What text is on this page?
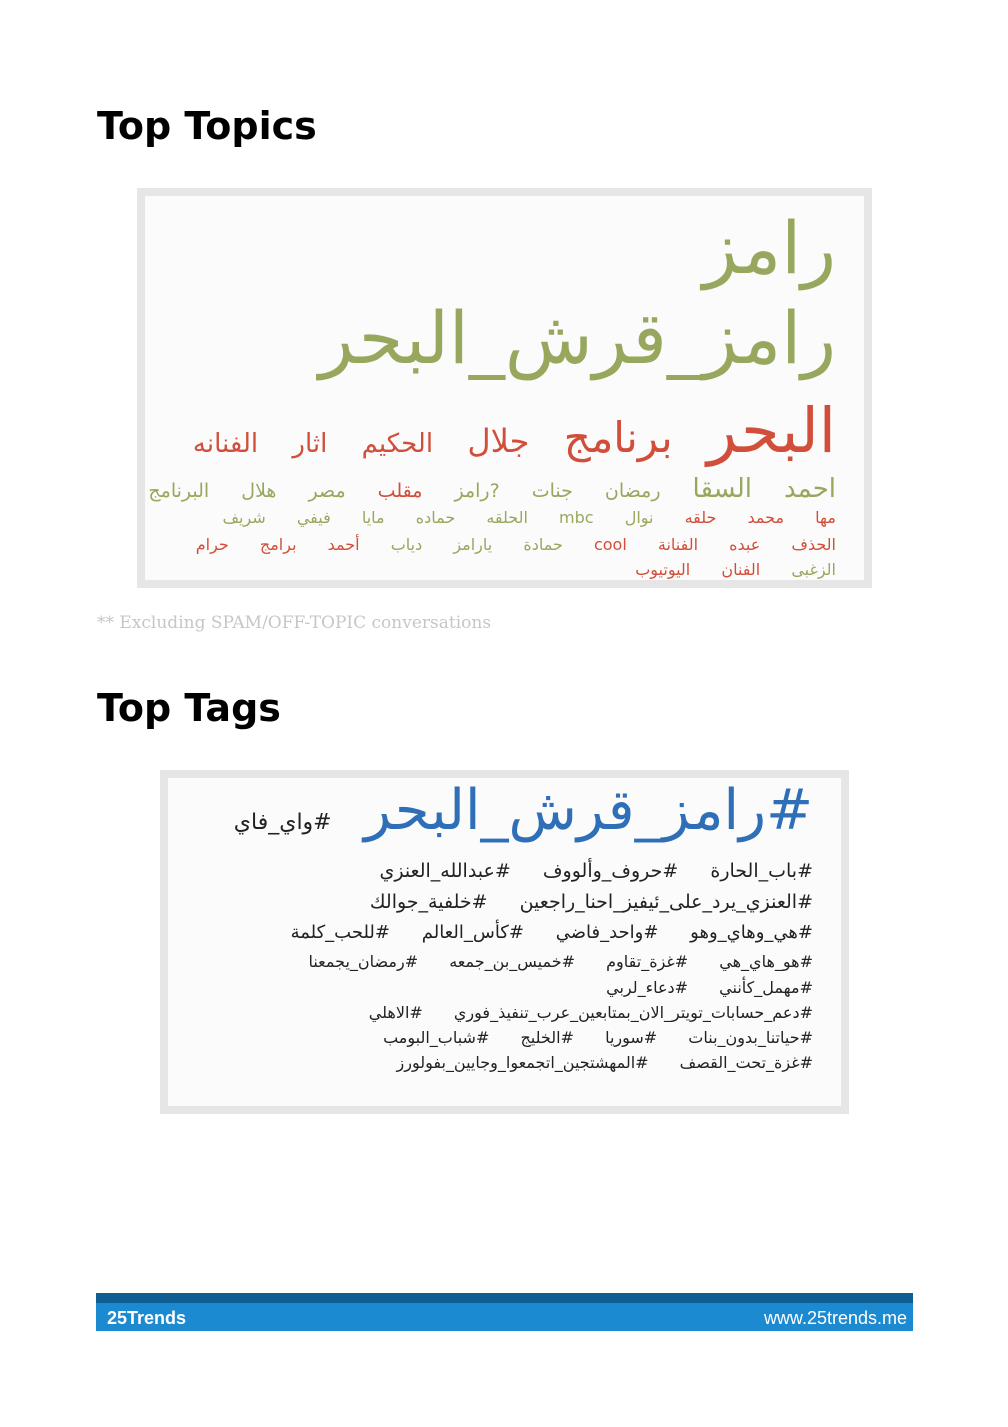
Top Topics
رامز
رامز_قرش_البحر
البحر برنامج جلال الحكيم اثار الفنانه
احمد السقا رمضان جنات ?رامز مقلب مصر هلال البرنامج
مها محمد حلقه نوال mbc الحلقه حماده مايا فيفي شريف
الحذف عبده الفنانة cool حمادة يارامز دياب أحمد برامج حرام
الزغبى الفنان اليوتيوب

** Excluding SPAM/OFF-TOPIC conversations

Top Tags
#رامز_قرش_البحر #واي_فاي
#باب_الحارة #حروف_وألووف #عبدالله_العنزي
#العنزي_يرد_على_ئيفيز_احنا_راجعين #خلفية_جوالك
#هي_وهاي_وهو #واحد_فاضي #كأس_العالم #للحب_كلمة
#هو_هاي_هي #غزة_تقاوم #خميس_بن_جمعه #رمضان_يجمعنا
#مهمل_كأنني #دعاء_لربي
#دعم_حسابات_تويتر_الان_بمتابعين_عرب_تنفيذ_فوري #الاهلي
#حياتنا_بدون_بنات #سوريا #الخليج #شباب_البومب
#غزة_تحت_القصف #المهشتجين_اتجمعوا_وجايين_بفولورز
25Trends	www.25trends.me
